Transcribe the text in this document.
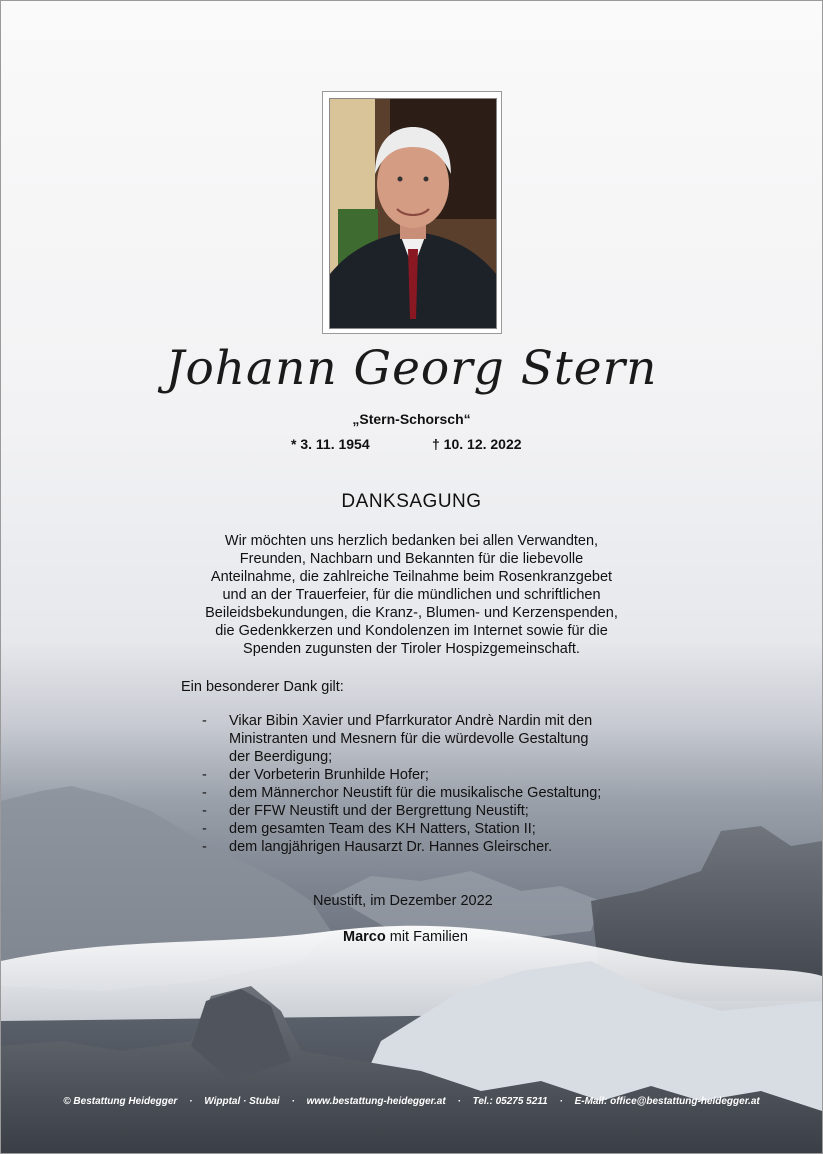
Johann Georg Stern
„Stern-Schorsch“
* 3. 11. 1954	† 10. 12. 2022
DANKSAGUNG
Wir möchten uns herzlich bedanken bei allen Verwandten,
Freunden, Nachbarn und Bekannten für die liebevolle
Anteilnahme, die zahlreiche Teilnahme beim Rosenkranzgebet
und an der Trauerfeier, für die mündlichen und schriftlichen
Beileidsbekundungen, die Kranz-, Blumen- und Kerzenspenden,
die Gedenkkerzen und Kondolenzen im Internet sowie für die
Spenden zugunsten der Tiroler Hospizgemeinschaft.
Ein besonderer Dank gilt:
- Vikar Bibin Xavier und Pfarrkurator Andrè Nardin mit den
Ministranten und Mesnern für die würdevolle Gestaltung
der Beerdigung;
- der Vorbeterin Brunhilde Hofer;
- dem Männerchor Neustift für die musikalische Gestaltung;
- der FFW Neustift und der Bergrettung Neustift;
- dem gesamten Team des KH Natters, Station II;
- dem langjährigen Hausarzt Dr. Hannes Gleirscher.
Neustift, im Dezember 2022
Marco mit Familien
© Bestattung Heidegger · Wipptal · Stubai · www.bestattung-heidegger.at · Tel.: 05275 5211 · E-Mail: office@bestattung-heidegger.at
